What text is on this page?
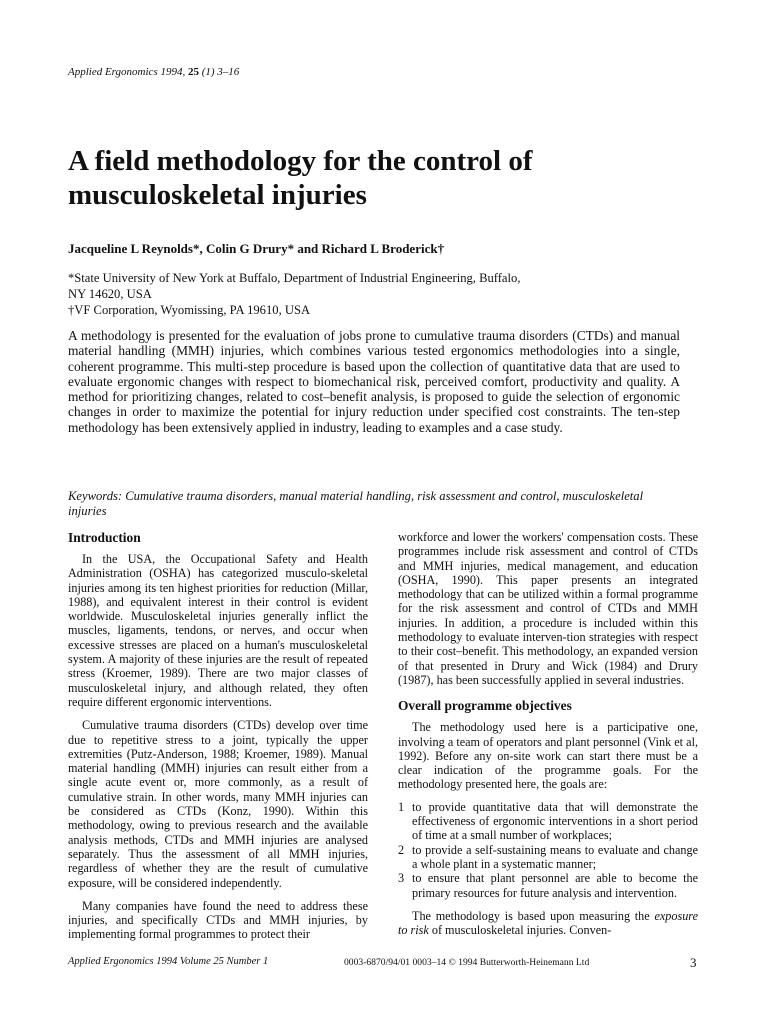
Applied Ergonomics 1994, 25 (1) 3–16
A field methodology for the control of musculoskeletal injuries
Jacqueline L Reynolds*, Colin G Drury* and Richard L Broderick†
*State University of New York at Buffalo, Department of Industrial Engineering, Buffalo,
NY 14620, USA
†VF Corporation, Wyomissing, PA 19610, USA

A methodology is presented for the evaluation of jobs prone to cumulative trauma disorders (CTDs) and manual material handling (MMH) injuries, which combines various tested ergonomics methodologies into a single, coherent programme. This multi-step procedure is based upon the collection of quantitative data that are used to evaluate ergonomic changes with respect to biomechanical risk, perceived comfort, productivity and quality. A method for prioritizing changes, related to cost–benefit analysis, is proposed to guide the selection of ergonomic changes in order to maximize the potential for injury reduction under specified cost constraints. The ten-step methodology has been extensively applied in industry, leading to examples and a case study.

Keywords: Cumulative trauma disorders, manual material handling, risk assessment and control, musculoskeletal injuries

Introduction

In the USA, the Occupational Safety and Health Administration (OSHA) has categorized musculo-skeletal injuries among its ten highest priorities for reduction (Millar, 1988), and equivalent interest in their control is evident worldwide. Musculoskeletal injuries generally inflict the muscles, ligaments, tendons, or nerves, and occur when excessive stresses are placed on a human's musculoskeletal system. A majority of these injuries are the result of repeated stress (Kroemer, 1989). There are two major classes of musculoskeletal injury, and although related, they often require different ergonomic interventions.

Cumulative trauma disorders (CTDs) develop over time due to repetitive stress to a joint, typically the upper extremities (Putz-Anderson, 1988; Kroemer, 1989). Manual material handling (MMH) injuries can result either from a single acute event or, more commonly, as a result of cumulative strain. In other words, many MMH injuries can be considered as CTDs (Konz, 1990). Within this methodology, owing to previous research and the available analysis methods, CTDs and MMH injuries are analysed separately. Thus the assessment of all MMH injuries, regardless of whether they are the result of cumulative exposure, will be considered independently.

Many companies have found the need to address these injuries, and specifically CTDs and MMH injuries, by implementing formal programmes to protect their

workforce and lower the workers' compensation costs. These programmes include risk assessment and control of CTDs and MMH injuries, medical management, and education (OSHA, 1990). This paper presents an integrated methodology that can be utilized within a formal programme for the risk assessment and control of CTDs and MMH injuries. In addition, a procedure is included within this methodology to evaluate interven-tion strategies with respect to their cost–benefit. This methodology, an expanded version of that presented in Drury and Wick (1984) and Drury (1987), has been successfully applied in several industries.

Overall programme objectives

The methodology used here is a participative one, involving a team of operators and plant personnel (Vink et al, 1992). Before any on-site work can start there must be a clear indication of the programme goals. For the methodology presented here, the goals are:

1 to provide quantitative data that will demonstrate the effectiveness of ergonomic interventions in a short period of time at a small number of workplaces;
2 to provide a self-sustaining means to evaluate and change a whole plant in a systematic manner;
3 to ensure that plant personnel are able to become the primary resources for future analysis and intervention.

The methodology is based upon measuring the exposure to risk of musculoskeletal injuries. Conven-

Applied Ergonomics 1994 Volume 25 Number 1	0003-6870/94/01 0003–14 © 1994 Butterworth-Heinemann Ltd	3
